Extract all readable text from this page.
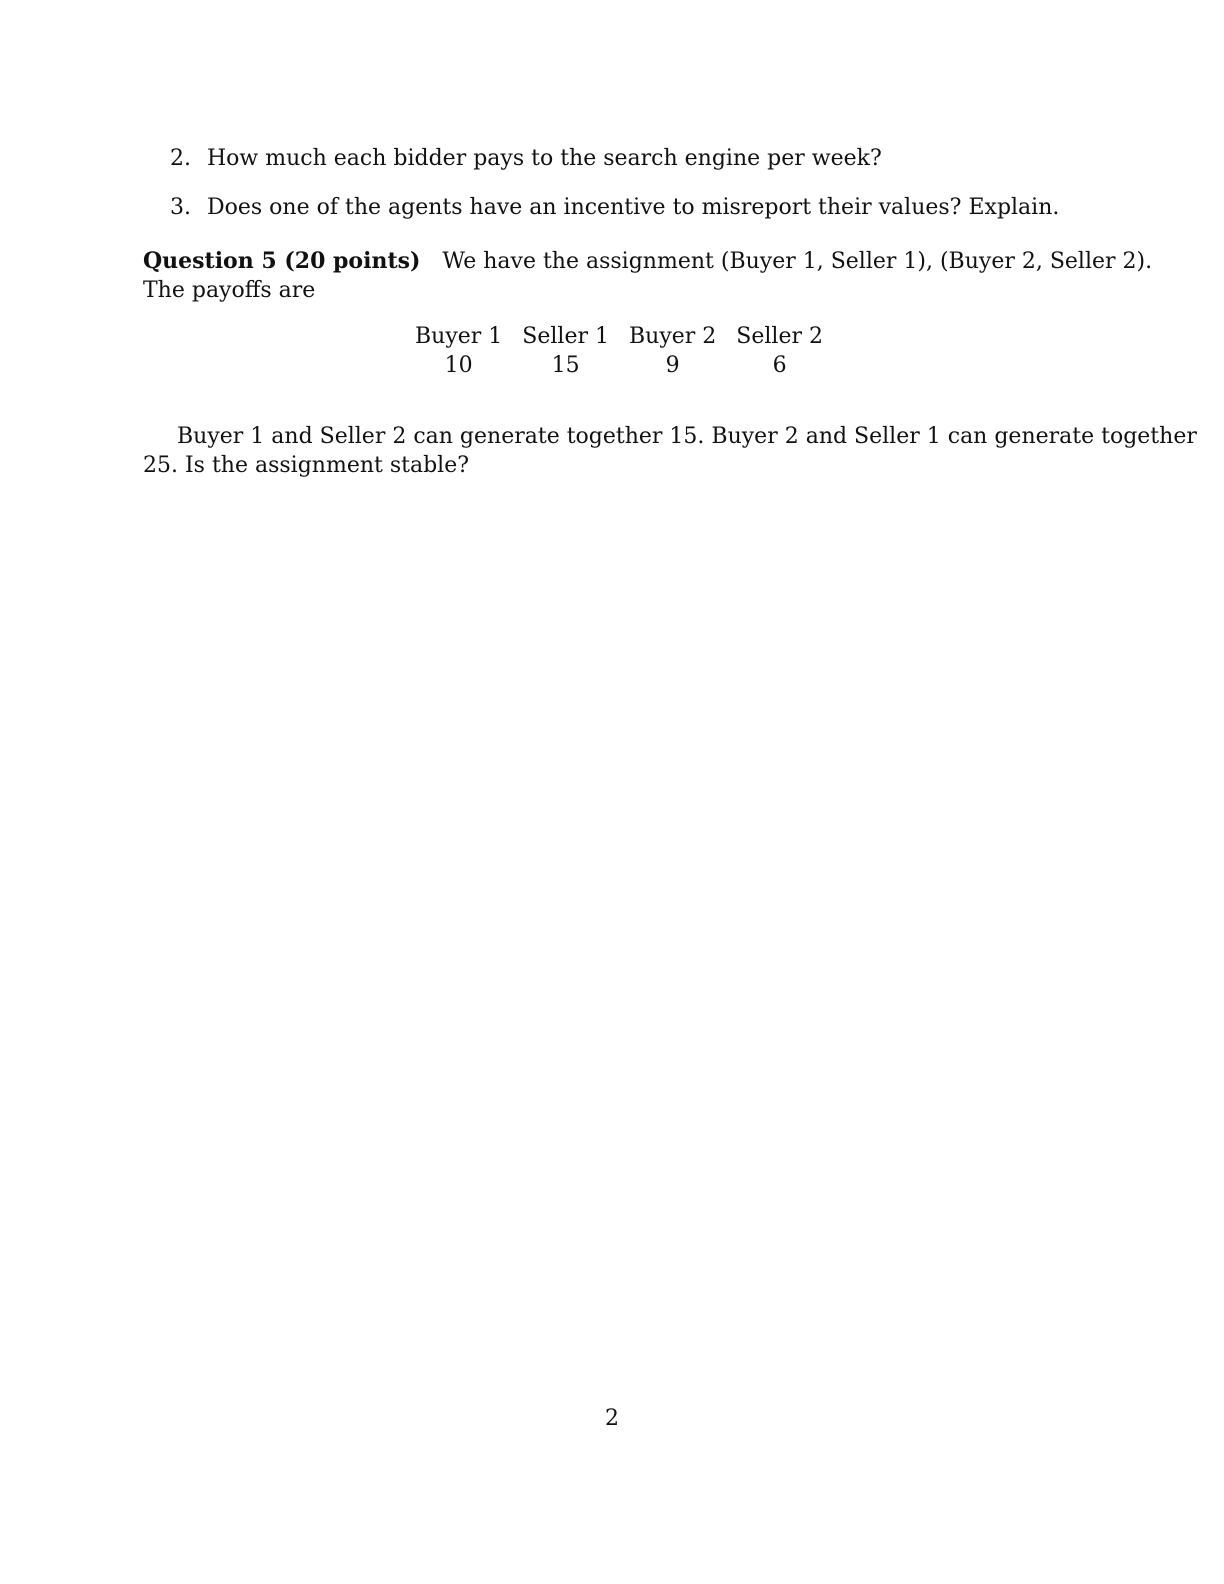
2. How much each bidder pays to the search engine per week?
3. Does one of the agents have an incentive to misreport their values? Explain.
Question 5 (20 points) We have the assignment (Buyer 1, Seller 1), (Buyer 2, Seller 2).
The payoffs are
Buyer 1	Seller 1	Buyer 2	Seller 2
10	15	9	6
Buyer 1 and Seller 2 can generate together 15. Buyer 2 and Seller 1 can generate together
25. Is the assignment stable?
2
